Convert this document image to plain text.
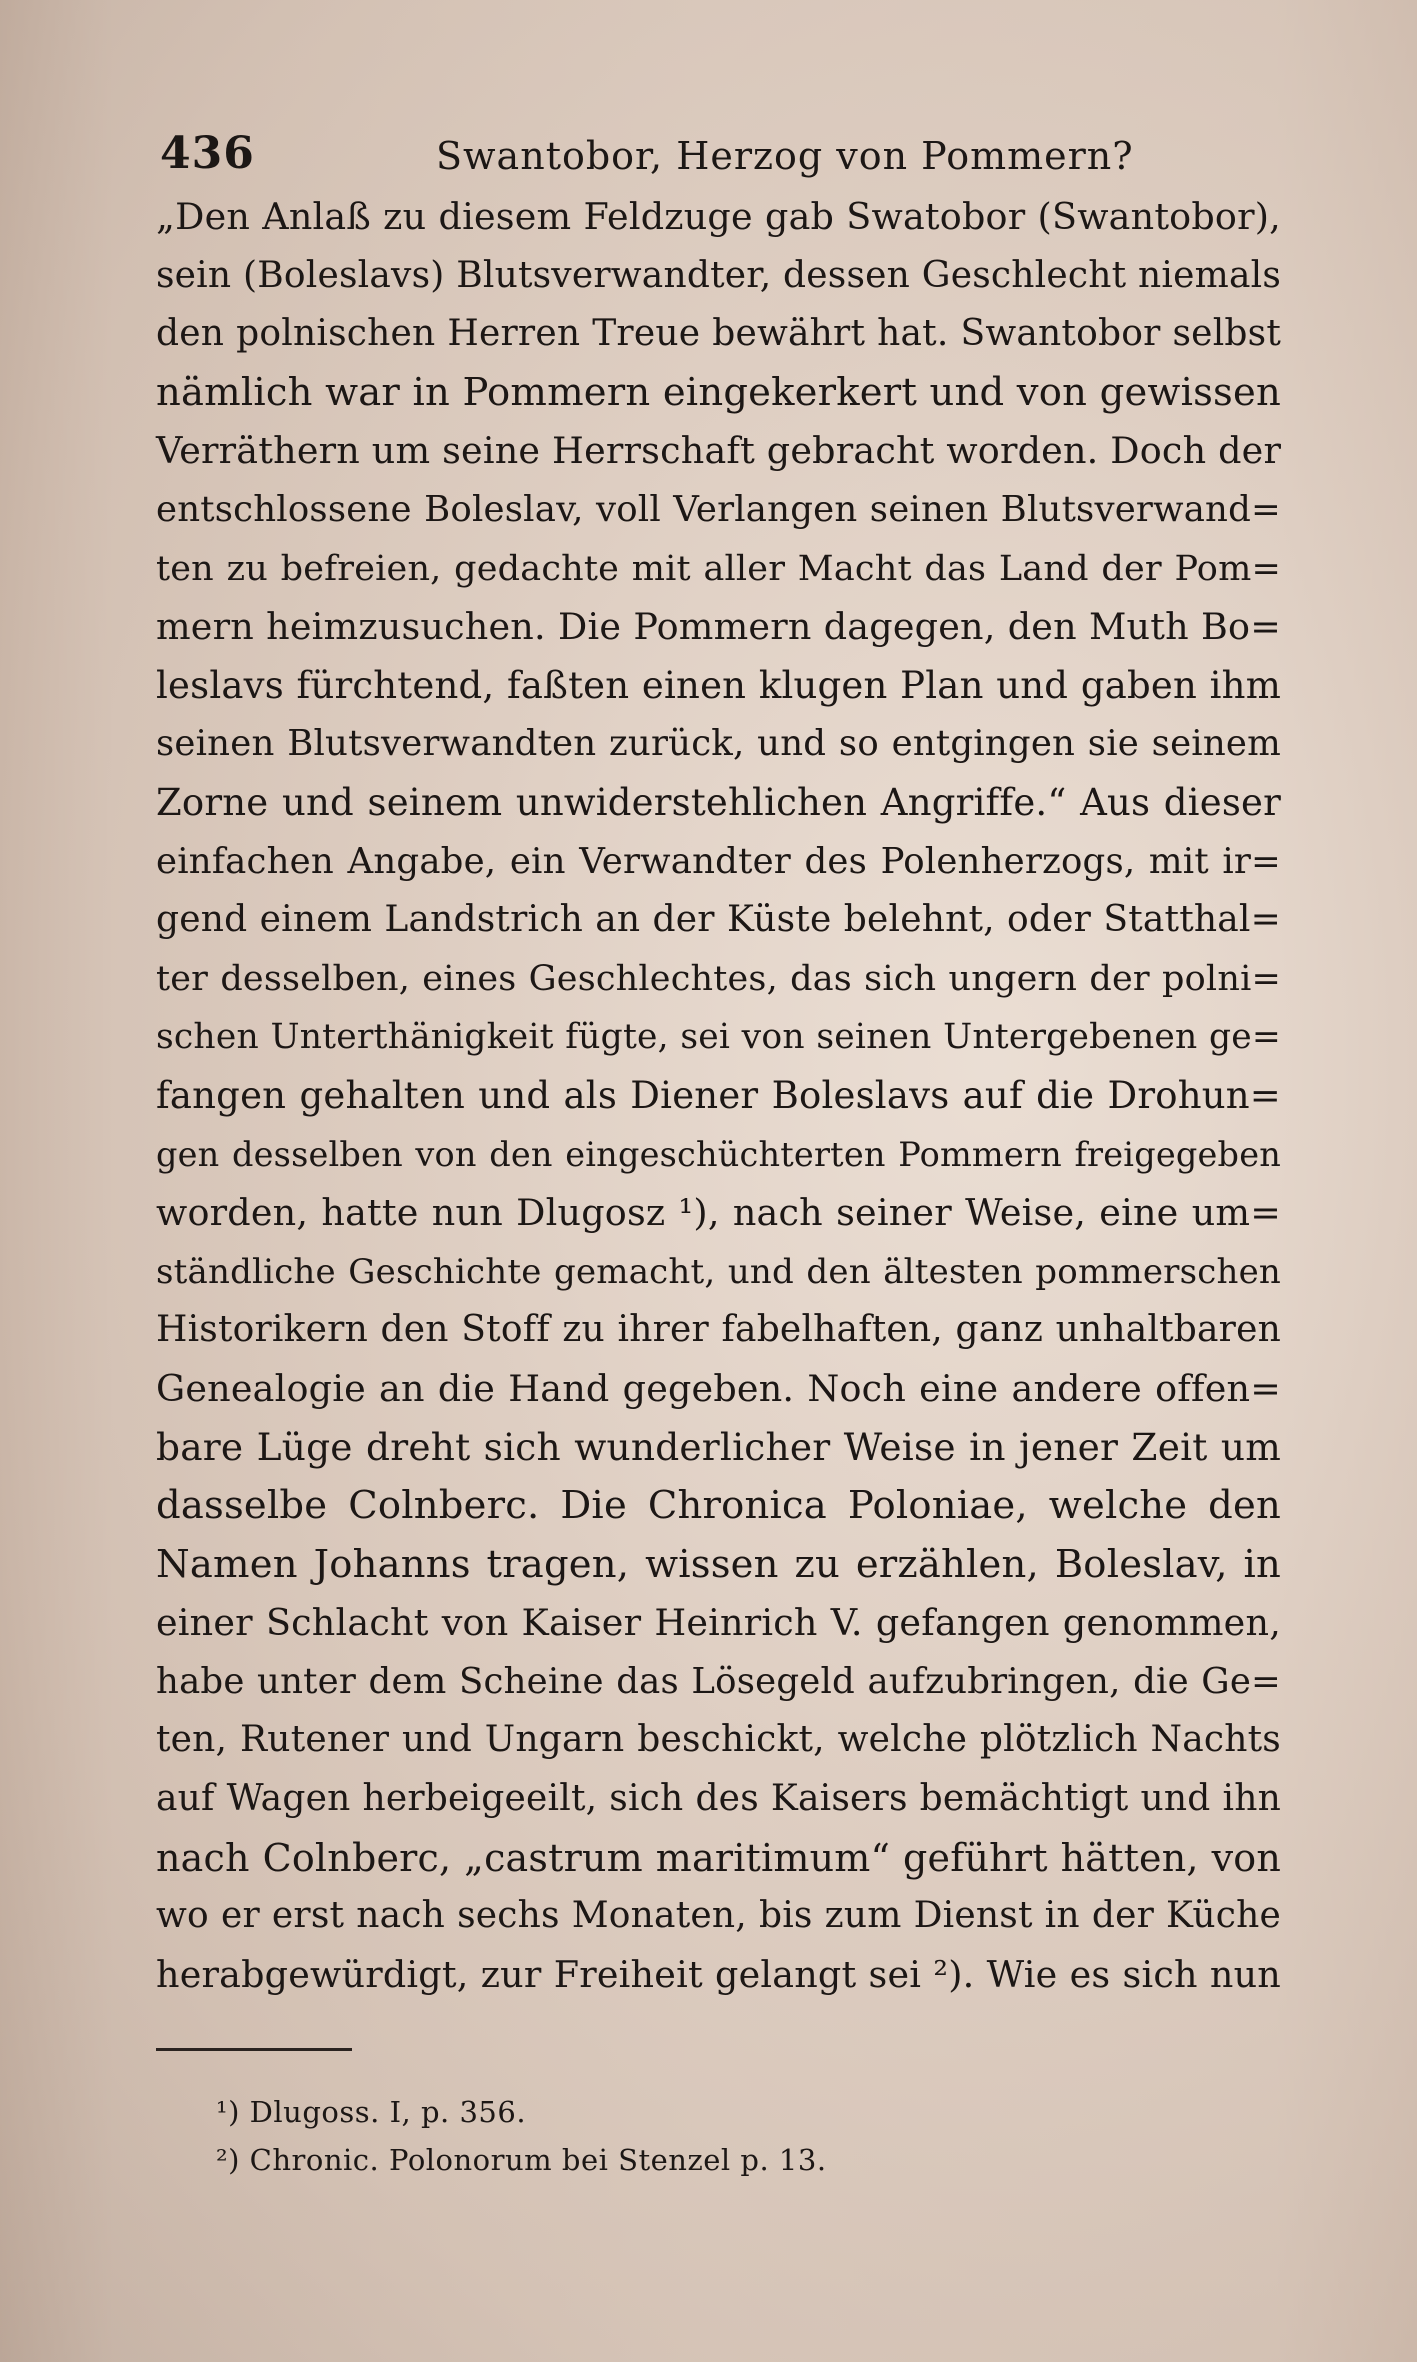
436	Swantobor, Herzog von Pommern?
„Den Anlaß zu diesem Feldzuge gab Swatobor (Swantobor),
sein (Boleslavs) Blutsverwandter, dessen Geschlecht niemals
den polnischen Herren Treue bewährt hat. Swantobor selbst
nämlich war in Pommern eingekerkert und von gewissen
Verräthern um seine Herrschaft gebracht worden. Doch der
entschlossene Boleslav, voll Verlangen seinen Blutsverwand=
ten zu befreien, gedachte mit aller Macht das Land der Pom=
mern heimzusuchen. Die Pommern dagegen, den Muth Bo=
leslavs fürchtend, faßten einen klugen Plan und gaben ihm
seinen Blutsverwandten zurück, und so entgingen sie seinem
Zorne und seinem unwiderstehlichen Angriffe.“ Aus dieser
einfachen Angabe, ein Verwandter des Polenherzogs, mit ir=
gend einem Landstrich an der Küste belehnt, oder Statthal=
ter desselben, eines Geschlechtes, das sich ungern der polni=
schen Unterthänigkeit fügte, sei von seinen Untergebenen ge=
fangen gehalten und als Diener Boleslavs auf die Drohun=
gen desselben von den eingeschüchterten Pommern freigegeben
worden, hatte nun Dlugosz ¹), nach seiner Weise, eine um=
ständliche Geschichte gemacht, und den ältesten pommerschen
Historikern den Stoff zu ihrer fabelhaften, ganz unhaltbaren
Genealogie an die Hand gegeben. Noch eine andere offen=
bare Lüge dreht sich wunderlicher Weise in jener Zeit um
dasselbe Colnberc. Die Chronica Poloniae, welche den
Namen Johanns tragen, wissen zu erzählen, Boleslav, in
einer Schlacht von Kaiser Heinrich V. gefangen genommen,
habe unter dem Scheine das Lösegeld aufzubringen, die Ge=
ten, Rutener und Ungarn beschickt, welche plötzlich Nachts
auf Wagen herbeigeeilt, sich des Kaisers bemächtigt und ihn
nach Colnberc, „castrum maritimum“ geführt hätten, von
wo er erst nach sechs Monaten, bis zum Dienst in der Küche
herabgewürdigt, zur Freiheit gelangt sei ²). Wie es sich nun
¹) Dlugoss. I, p. 356.
²) Chronic. Polonorum bei Stenzel p. 13.
